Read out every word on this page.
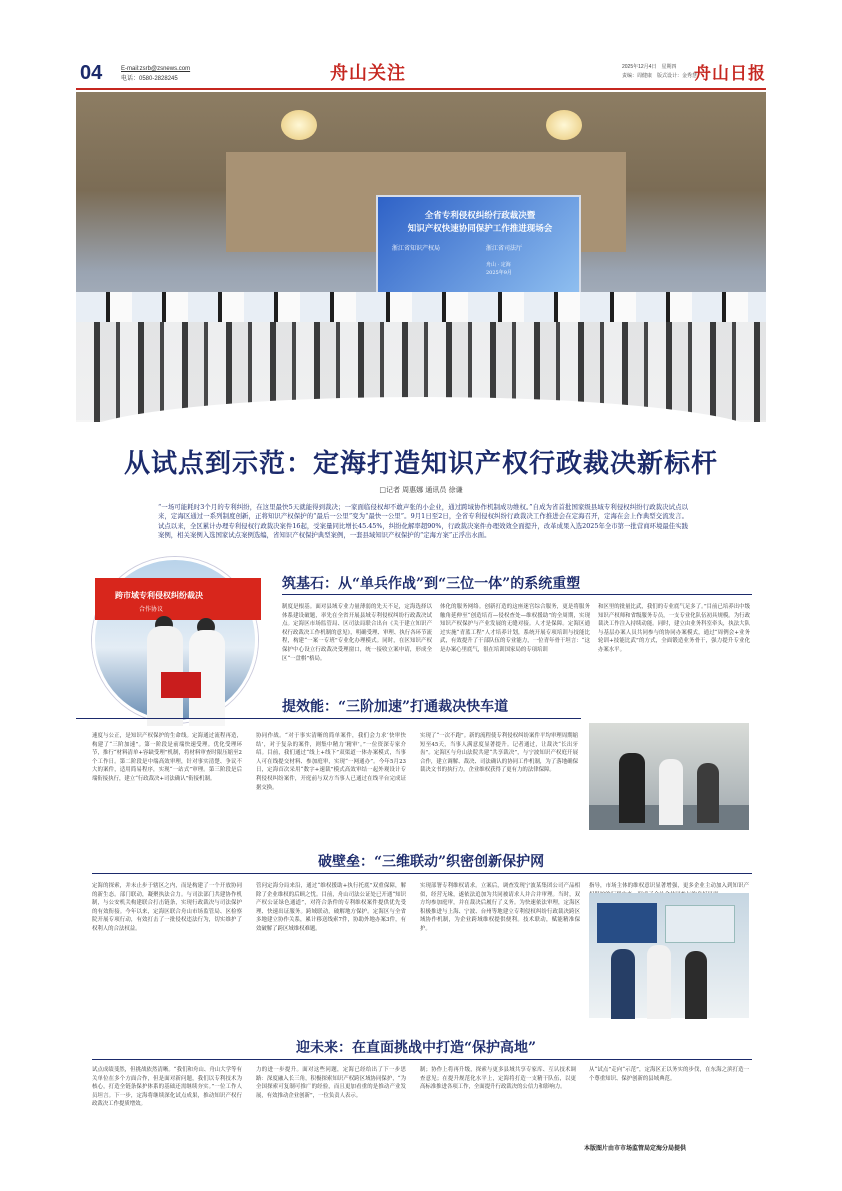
04	E-mail:zsrb@zsnews.com
电话：0580-2828245	舟山关注	2025年12月4日　星期四
责编：周健康　版式设计：金秀慧
舟山日报
全省专利侵权纠纷行政裁决暨
知识产权快速协同保护工作推进现场会
浙江省知识产权局	浙江省司法厅
舟山 · 定海
2025年9月
从试点到示范：定海打造知识产权行政裁决新标杆
□记者 周惠娜 通讯员 徐谦
“一场可能耗时3个月的专利纠纷，在这里最快5天就能得到裁决；一家面临侵权却不敢声张的小企业，通过跨域协作机制成功维权。”自成为省首批国家级县域专利侵权纠纷行政裁决试点以来，定海区通过一系列制度创新，正将知识产权保护的“最后一公里”变为“最快一公里”。9月1日至2日，全省专利侵权纠纷行政裁决工作推进会在定海召开，定海在会上作典型交流发言。试点以来，全区累计办理专利侵权行政裁决案件16起，受案量同比增长45.45%，纠纷化解率超90%，行政裁决案件办理效效全面提升，改革成果入选2025年全市第一批营商环境最佳实践案例，相关案例入选国家试点案例选编，省知识产权保护典型案例，一套县域知识产权保护的“定海方案”正浮出水面。
跨市域专利侵权纠纷裁决
合作协议
筑基石：从“单兵作战”到“三位一体”的系统重塑
制度是根基。面对县域专业力量薄弱的先天不足，定海选择以体系建设破题，率先在全省开展县域专利侵权纠纷行政裁决试点。定海区市场监管局、区司法局联合出台《关于建立知识产权行政裁决工作机制的意见》，明确受理、审理、执行各环节流程，构建“一案一专班”专业化办理模式。同时，在区知识产权保护中心设立行政裁决受理窗口，统一接收立案申请，形成全区“一盘棋”格局。
体化的服务网络。创新打造的这座迷宫综合服务，更是将服务触角延伸至“创造培育—侵权查处—维权援助”的全周期，实现知识产权保护与产业发展的无缝对接。人才是保障。定海区通过实施“青蓝工程”人才培养计划，系统开展专项培训与技能比武，有效提升了干部队伍的专业能力，一位青年骨干坦言：“这是办案心里底气，很在培训国家局的专项培训
和区里的批量比武，我们的专业底气足多了。”目前已培养出中级知识产权师和省级服务专员，一支专业化队伍初具规模。为行政裁决工作注入持续动能。同时，建立由业务科室牵头，执法大队与基层办案人员共同参与的协同办案模式，通过“周例会+业务轮训+技能比武”的方式，全面锻造业务骨干，强力提升专业化办案水平。
提效能：“三阶加速”打通裁决快车道
速度与公正，是知识产权保护的生命线。定海通过流程再造，构建了“三阶加速”。第一阶段是前端快速受理。优化受理环节，推行“材料清单+容缺受理”机制，将材料审查时限压缩至2个工作日。第二阶段是中端高效审理，针对事实清楚、争议不大的案件，适用简易程序，实现“一站式”审理。第三阶段是后端衔接执行，建立“行政裁决+司法确认”衔接机制。
协同作战。“对于事实清晰的简单案件，我们会力求‘快审快结’，对于复杂的案件，则集中精力‘精审’。”一位资深专家介绍。目前，我们通过“线上+线下”双渠道一体办案模式，当事人可在线提交材料、参加庭审，实现“一网通办”。今年5月23日，定海首次采用“数字+速裁”模式高效审结一起外观设计专利侵权纠纷案件，开庭前与双方当事人已通过在线平台完成证据交换。
实现了“一次不跑”。新的流程使专利侵权纠纷案件平均审理周期缩短至45天，当事人满意度显著提升。记者通过，让裁决“长出牙齿”。定海区与舟山法院共建“共享裁决”，与宁波知识产权庭开展合作，建立调解、裁决、司法确认的协同工作机制，为了落地确保裁决文书的执行力，企业维权获得了更有力的法律保障。
破壁垒：“三维联动”织密创新保护网
定海的探索，并未止步于辖区之内，而是构建了一个开放协同的新生态。部门联动，凝聚执法合力。与司法部门共建协作机制，与公安机关构建联合打击链条，实现行政裁决与司法保护的有效衔接。今年以来，定海区联合舟山市场监管局、区检察院开展专项行动，有效打击了一批侵权违法行为，切实维护了权利人的合法权益。
管问定海分局来沿，通过“维权援助+执行托底”双重保障，解除了企业维权的后顾之忧。目前，舟山司法公证处已开通“知识产权公证绿色通道”，对符合条件的专利维权案件提供优先受理、快速出证服务。跨域联动，破解地方保护。定海区与全省多地建立协作关系，累计移送线索7件，协助外地办案3件，有效破解了跨区域维权难题。
实现部署专利维权请求。立案后，调查发现宁波某集团公司产品相似，经营无缘，遂依法追加为共同被请求人并合并审理。当时，双方均参加庭审，并在裁决后履行了义务。为快速依法审理，定海区积极推进与上海、宁波、台州等地建立专利侵权纠纷行政裁决跨区域协作机制，为企业跨域维权提供便利。技术联动，赋能精准保护。
指导，市场主体的维权意识显著增强，更多企业主动加入到知识产
迎未来：在直面挑战中打造“保护高地”
试点成绩斐然，但挑战依然清晰。“我们和舟山、舟山大学等有关单位在多个方面合作，但是面对新问题，我们以专利技术为核心，打造全链条保护体系的基础还需继续夯实。”一位工作人员坦言。下一步，定海将继续深化试点成果，推动知识产权行政裁决工作提质增效。
力的进一步提升。面对这些问题，定海已经给出了下一步思路：深度融入长三角，积极探索知识产权跨区域协同保护，“为全国探索可复制可推广的经验，而且更加看重的是推动产业发展，有效推动企业创新”，一位负责人表示。
制；协作上将再升级，探索与更多县域共享专家库、互认技术调查意见；在提升规范化水平上，定海将打造一支精干队伍，以更高标准推进各项工作，全面提升行政裁决的公信力和影响力。
从“试点”走向“示范”，定海区正以务实的步伐，在东海之滨打造一个尊重知识、保护创新的县域典范。
本版图片由市市场监管局定海分局提供
